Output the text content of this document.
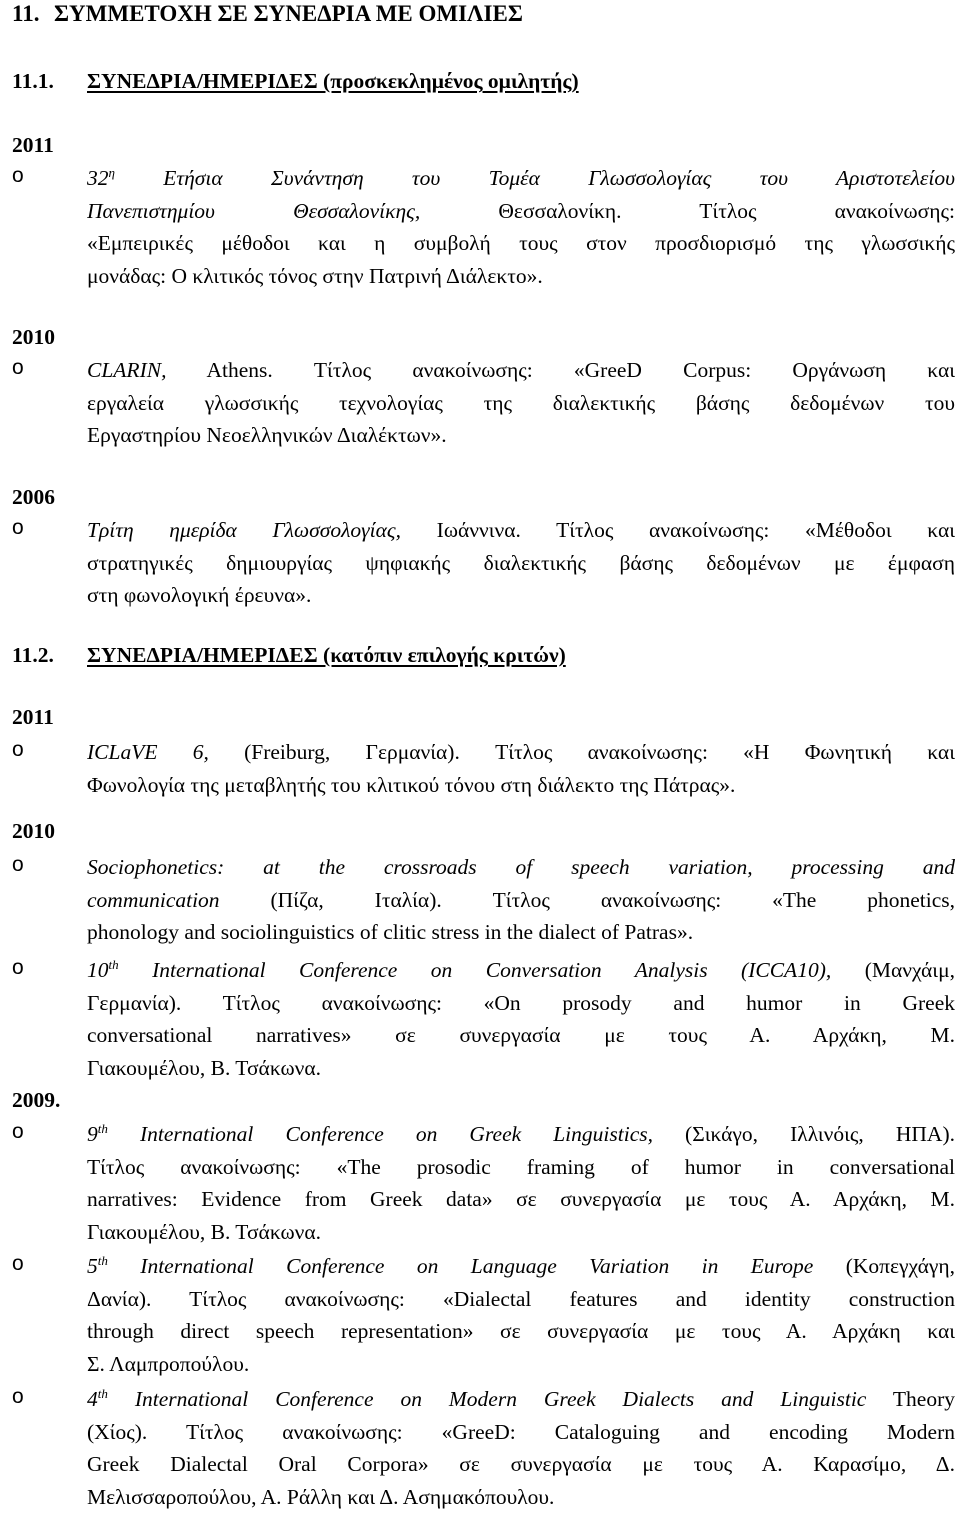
11. ΣΥΜΜΕΤΟΧΗ ΣΕ ΣΥΝΕΔΡΙΑ ΜΕ ΟΜΙΛΙΕΣ
11.1. ΣΥΝΕΔΡΙΑ/ΗΜΕΡΙΔΕΣ (προσκεκλημένος ομιλητής)
2011
o	$32^\eta$ Ετήσια Συνάντηση του Τομέα Γλωσσολογίας του Αριστοτελείου
Πανεπιστημίου Θεσσαλονίκης, Θεσσαλονίκη. Τίτλος ανακοίνωσης:
«Εμπειρικές μέθοδοι και η συμβολή τους στον προσδιορισμό της γλωσσικής
μονάδας: Ο κλιτικός τόνος στην Πατρινή Διάλεκτο».
2010
o	CLARIN, Athens. Τίτλος ανακοίνωσης: «GreeD Corpus: Οργάνωση και
εργαλεία γλωσσικής τεχνολογίας της διαλεκτικής βάσης δεδομένων του
Εργαστηρίου Νεοελληνικών Διαλέκτων».
2006
o	Τρίτη ημερίδα Γλωσσολογίας, Ιωάννινα. Τίτλος ανακοίνωσης: «Μέθοδοι και
στρατηγικές δημιουργίας ψηφιακής διαλεκτικής βάσης δεδομένων με έμφαση
στη φωνολογική έρευνα».
11.2. ΣΥΝΕΔΡΙΑ/ΗΜΕΡΙΔΕΣ (κατόπιν επιλογής κριτών)
2011
o	ICLaVE 6, (Freiburg, Γερμανία). Τίτλος ανακοίνωσης: «Η Φωνητική και
Φωνολογία της μεταβλητής του κλιτικού τόνου στη διάλεκτο της Πάτρας».
2010
o	Sociophonetics: at the crossroads of speech variation, processing and
communication (Πίζα, Ιταλία). Τίτλος ανακοίνωσης: «The phonetics,
phonology and sociolinguistics of clitic stress in the dialect of Patras».
o	10th International Conference on Conversation Analysis (ICCA10), (Μανχάιμ,
Γερμανία). Τίτλος ανακοίνωσης: «On prosody and humor in Greek
conversational narratives» σε συνεργασία με τους Α. Αρχάκη, Μ.
Γιακουμέλου, Β. Τσάκωνα.
2009.
o	9th International Conference on Greek Linguistics, (Σικάγο, Ιλλινόις, ΗΠΑ).
Τίτλος ανακοίνωσης: «The prosodic framing of humor in conversational
narratives: Evidence from Greek data» σε συνεργασία με τους Α. Αρχάκη, Μ.
Γιακουμέλου, Β. Τσάκωνα.
o	5th International Conference on Language Variation in Europe (Κοπεγχάγη,
Δανία). Τίτλος ανακοίνωσης: «Dialectal features and identity construction
through direct speech representation» σε συνεργασία με τους Α. Αρχάκη και
Σ. Λαμπροπούλου.
o	4th International Conference on Modern Greek Dialects and Linguistic Theory
(Χίος). Τίτλος ανακοίνωσης: «GreeD: Cataloguing and encoding Modern
Greek Dialectal Oral Corpora» σε συνεργασία με τους Α. Καρασίμο, Δ.
Μελισσαροπούλου, Α. Ράλλη και Δ. Ασημακόπουλου.
